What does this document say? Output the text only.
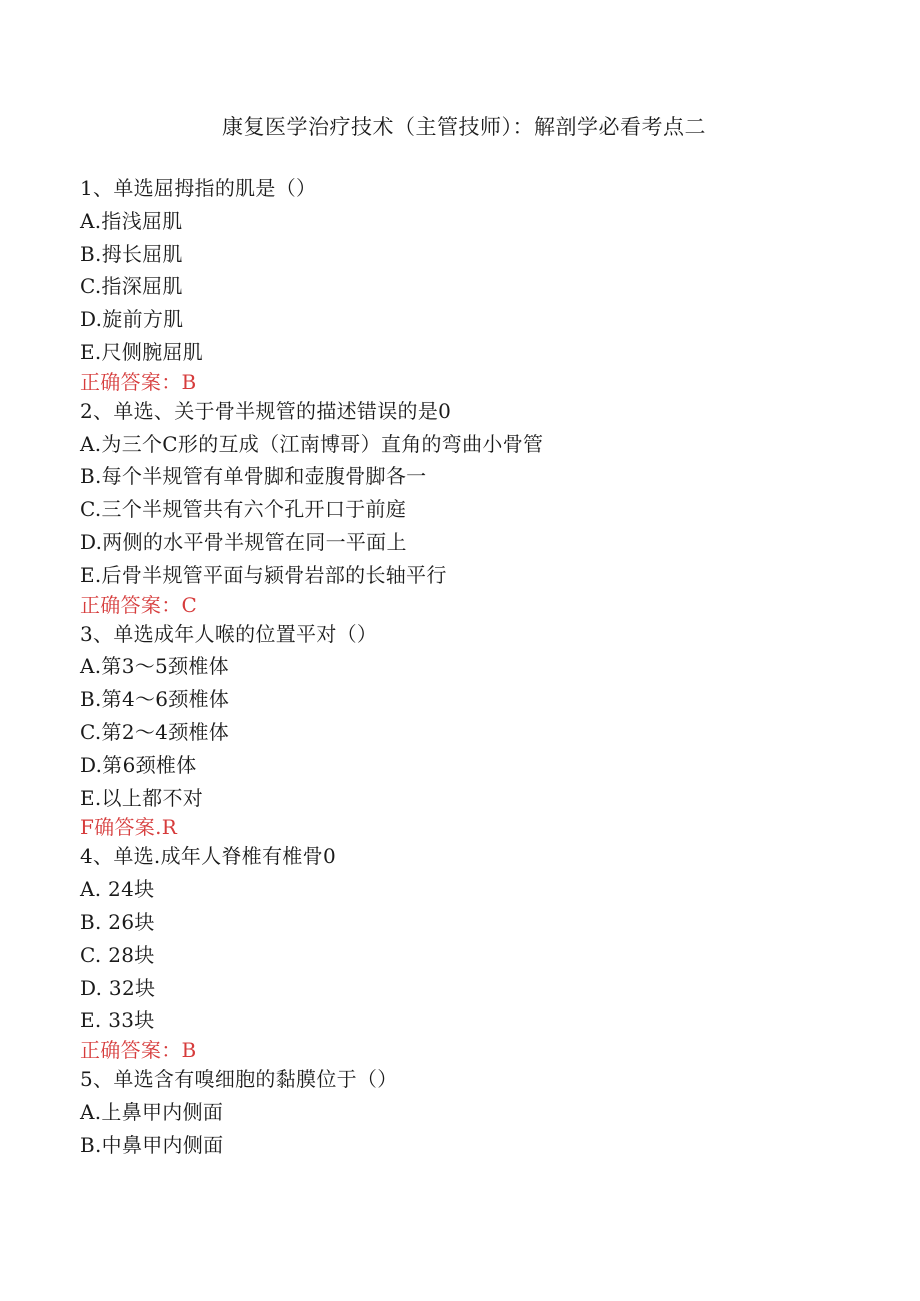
康复医学治疗技术（主管技师）：解剖学必看考点二
1、单选屈拇指的肌是（）
A.指浅屈肌
B.拇长屈肌
C.指深屈肌
D.旋前方肌
E.尺侧腕屈肌
正确答案：B
2、单选、关于骨半规管的描述错误的是0
A.为三个C形的互成（江南博哥）直角的弯曲小骨管
B.每个半规管有单骨脚和壶腹骨脚各一
C.三个半规管共有六个孔开口于前庭
D.两侧的水平骨半规管在同一平面上
E.后骨半规管平面与颍骨岩部的长轴平行
正确答案：C
3、单选成年人喉的位置平对（）
A.第3～5颈椎体
B.第4～6颈椎体
C.第2～4颈椎体
D.第6颈椎体
E.以上都不对
F确答案.R
4、单选.成年人脊椎有椎骨0
A. 24块
B. 26块
C. 28块
D. 32块
E. 33块
正确答案：B
5、单选含有嗅细胞的黏膜位于（）
A.上鼻甲内侧面
B.中鼻甲内侧面
